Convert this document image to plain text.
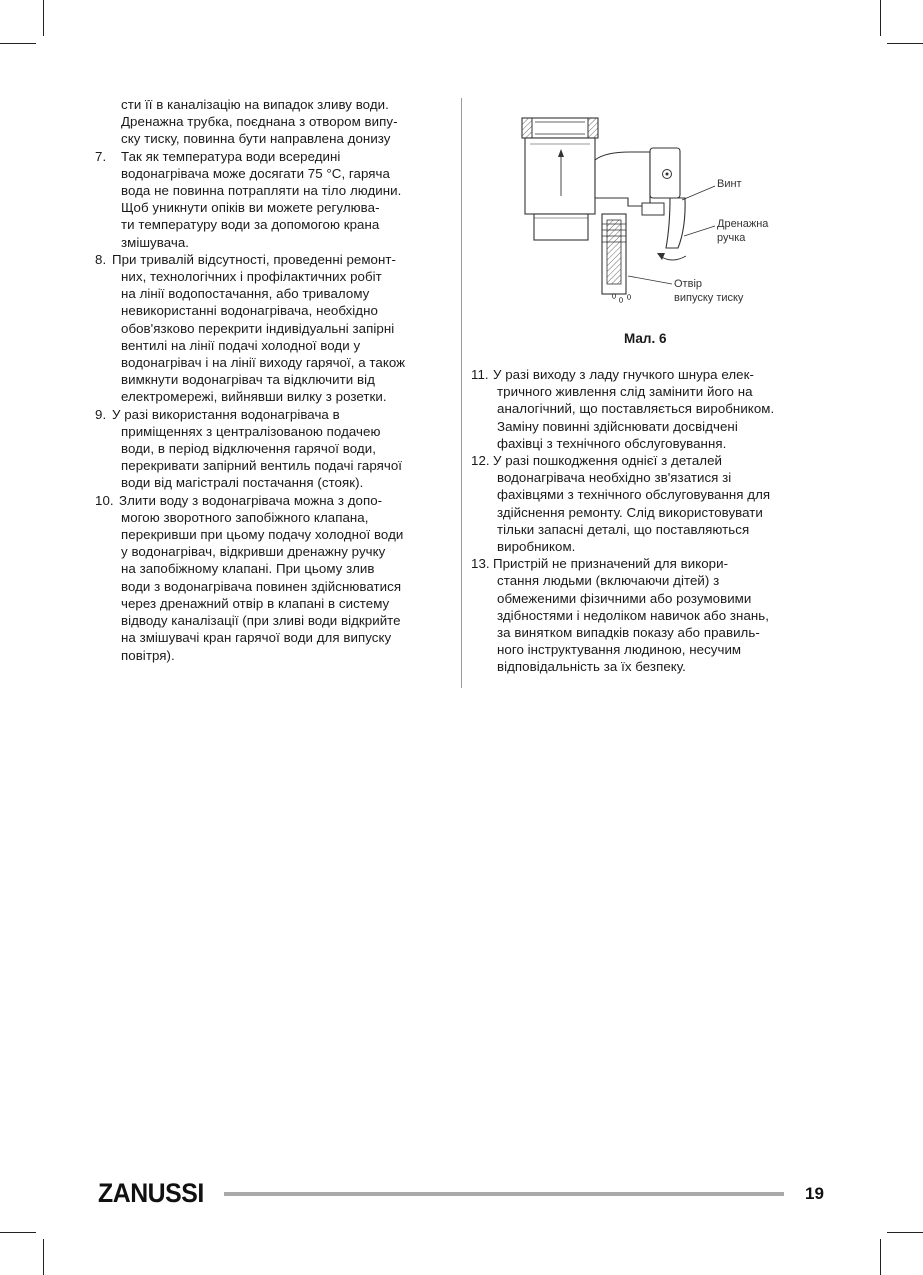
сти її в каналізацію на випадок зливу води.
Дренажна трубка, поєднана з отвором випу-
ску тиску, повинна бути направлена донизу
7. Так як температура води всередині
водонагрівача може досягати 75 °C, гаряча
вода не повинна потрапляти на тіло людини.
Щоб уникнути опіків ви можете регулюва-
ти температуру води за допомогою крана
змішувача.
8. При тривалій відсутності, проведенні ремонт-
них, технологічних і профілактичних робіт
на лінії водопостачання, або тривалому
невикористанні водонагрівача, необхідно
обов'язково перекрити індивідуальні запірні
вентилі на лінії подачі холодної води у
водонагрівач і на лінії виходу гарячої, а також
вимкнути водонагрівач та відключити від
електромережі, вийнявши вилку з розетки.
9. У разі використання водонагрівача в
приміщеннях з централізованою подачею
води, в період відключення гарячої води,
перекривати запірний вентиль подачі гарячої
води від магістралі постачання (стояк).
10. Злити воду з водонагрівача можна з допо-
могою зворотного запобіжного клапана,
перекривши при цьому подачу холодної води
у водонагрівач, відкривши дренажну ручку
на запобіжному клапані. При цьому злив
води з водонагрівача повинен здійснюватися
через дренажний отвір в клапані в систему
відводу каналізації (при зливі води відкрийте
на змішувачі кран гарячої води для випуску
повітря).
Винт
Дренажна
ручка
Отвір
випуску тиску
Мал. 6
11. У разі виходу з ладу гнучкого шнура елек-
тричного живлення слід замінити його на
аналогічний, що поставляється виробником.
Заміну повинні здійснювати досвідчені
фахівці з технічного обслуговування.
12. У разі пошкодження однієї з деталей
водонагрівача необхідно зв'язатися зі
фахівцями з технічного обслуговування для
здійснення ремонту. Слід використовувати
тільки запасні деталі, що поставляються
виробником.
13. Пристрій не призначений для викори-
стання людьми (включаючи дітей) з
обмеженими фізичними або розумовими
здібностями і недоліком навичок або знань,
за винятком випадків показу або правиль-
ного інструктування людиною, несучим
відповідальність за їх безпеку.
ZANUSSI	19
